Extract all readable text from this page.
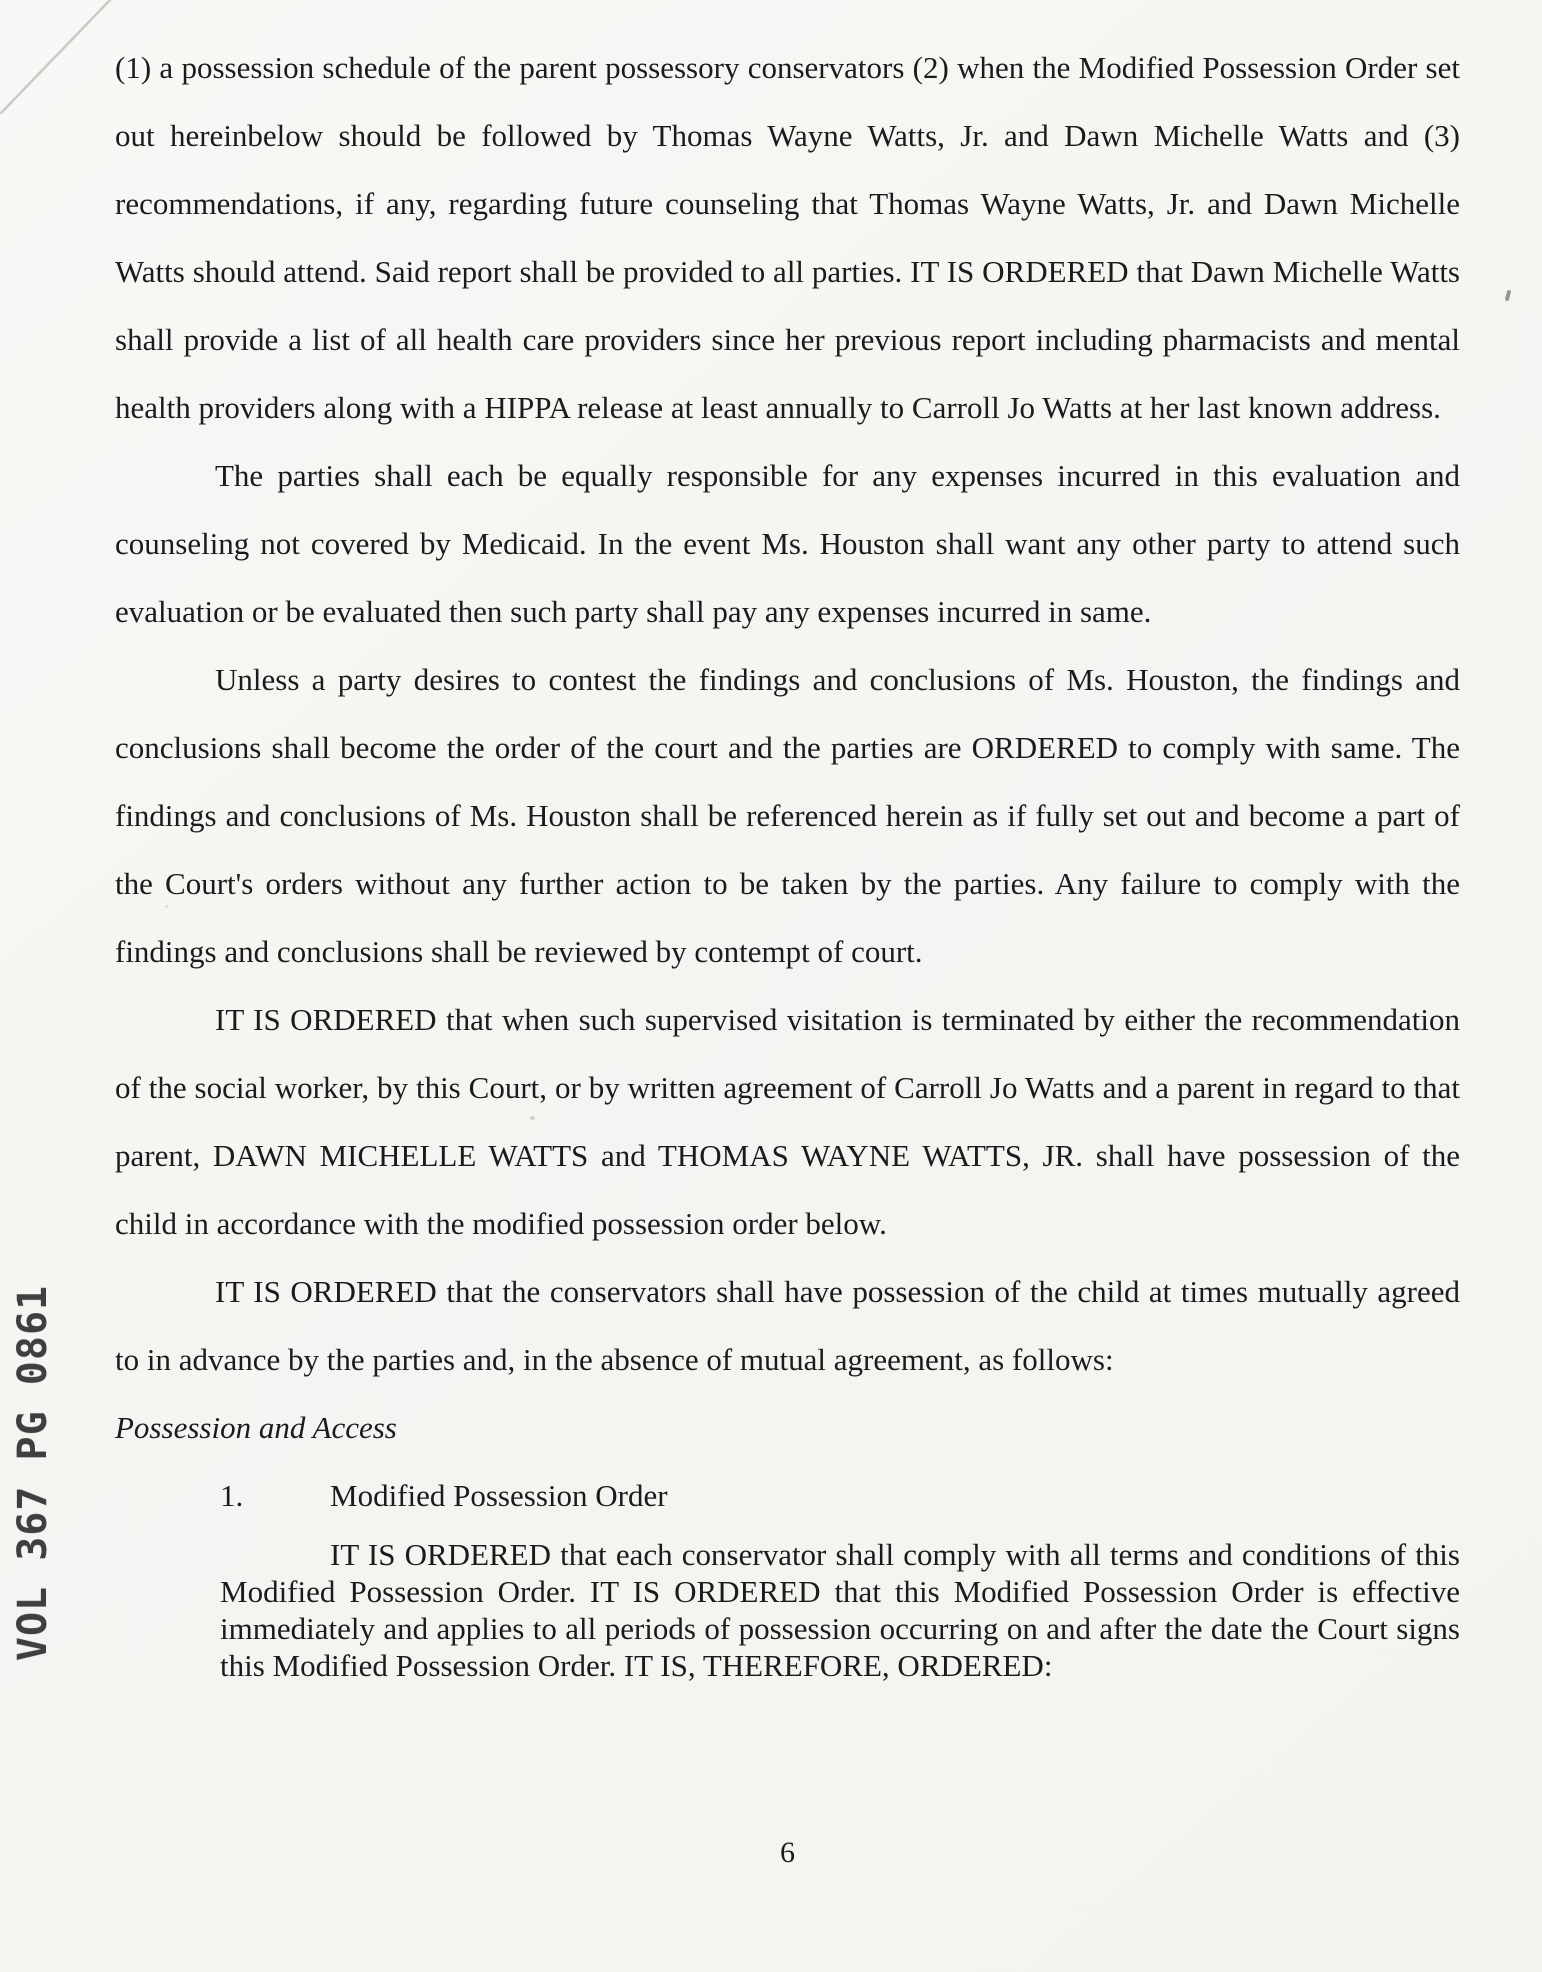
VOL 367 PG 0861

(1) a possession schedule of the parent possessory conservators (2) when the Modified Possession Order set out hereinbelow should be followed by Thomas Wayne Watts, Jr. and Dawn Michelle Watts and (3) recommendations, if any, regarding future counseling that Thomas Wayne Watts, Jr. and Dawn Michelle Watts should attend. Said report shall be provided to all parties. IT IS ORDERED that Dawn Michelle Watts shall provide a list of all health care providers since her previous report including pharmacists and mental health providers along with a HIPPA release at least annually to Carroll Jo Watts at her last known address.

The parties shall each be equally responsible for any expenses incurred in this evaluation and counseling not covered by Medicaid. In the event Ms. Houston shall want any other party to attend such evaluation or be evaluated then such party shall pay any expenses incurred in same.

Unless a party desires to contest the findings and conclusions of Ms. Houston, the findings and conclusions shall become the order of the court and the parties are ORDERED to comply with same. The findings and conclusions of Ms. Houston shall be referenced herein as if fully set out and become a part of the Court's orders without any further action to be taken by the parties. Any failure to comply with the findings and conclusions shall be reviewed by contempt of court.

IT IS ORDERED that when such supervised visitation is terminated by either the recommendation of the social worker, by this Court, or by written agreement of Carroll Jo Watts and a parent in regard to that parent, DAWN MICHELLE WATTS and THOMAS WAYNE WATTS, JR. shall have possession of the child in accordance with the modified possession order below.

IT IS ORDERED that the conservators shall have possession of the child at times mutually agreed to in advance by the parties and, in the absence of mutual agreement, as follows:

Possession and Access
1.	Modified Possession Order

IT IS ORDERED that each conservator shall comply with all terms and conditions of this Modified Possession Order. IT IS ORDERED that this Modified Possession Order is effective immediately and applies to all periods of possession occurring on and after the date the Court signs this Modified Possession Order. IT IS, THEREFORE, ORDERED:

6
